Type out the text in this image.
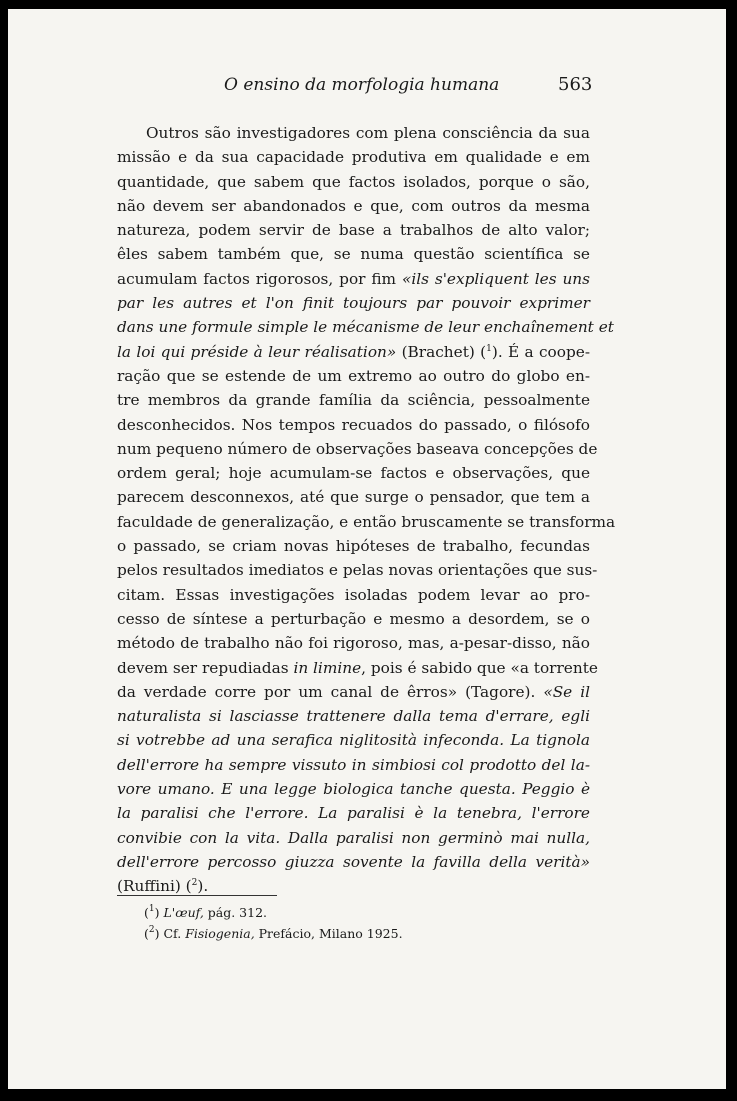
O ensino da morfologia humana	563
Outros são investigadores com plena consciência da sua
missão e da sua capacidade produtiva em qualidade e em
quantidade, que sabem que factos isolados, porque o são,
não devem ser abandonados e que, com outros da mesma
natureza, podem servir de base a trabalhos de alto valor;
êles sabem também que, se numa questão scientífica se
acumulam factos rigorosos, por fim «ils s'expliquent les uns
par les autres et l'on finit toujours par pouvoir exprimer
dans une formule simple le mécanisme de leur enchaînement et
la loi qui préside à leur réalisation» (Brachet) ($^1$). É a coope-
ração que se estende de um extremo ao outro do globo en-
tre membros da grande família da sciência, pessoalmente
desconhecidos. Nos tempos recuados do passado, o filósofo
num pequeno número de observações baseava concepções de
ordem geral; hoje acumulam-se factos e observações, que
parecem desconnexos, até que surge o pensador, que tem a
faculdade de generalização, e então bruscamente se transforma
o passado, se criam novas hipóteses de trabalho, fecundas
pelos resultados imediatos e pelas novas orientações que sus-
citam. Essas investigações isoladas podem levar ao pro-
cesso de síntese a perturbação e mesmo a desordem, se o
método de trabalho não foi rigoroso, mas, a-pesar-disso, não
devem ser repudiadas in limine, pois é sabido que «a torrente
da verdade corre por um canal de êrros» (Tagore). «Se il
naturalista si lasciasse trattenere dalla tema d'errare, egli
si votrebbe ad una serafica niglitosità infeconda. La tignola
dell'errore ha sempre vissuto in simbiosi col prodotto del la-
vore umano. E una legge biologica tanche questa. Peggio è
la paralisi che l'errore. La paralisi è la tenebra, l'errore
convibie con la vita. Dalla paralisi non germinò mai nulla,
dell'errore percosso giuzza sovente la favilla della verità»
(Ruffini) ($^2$).
($^1$) L'œuf, pág. 312.
($^2$) Cf. Fisiogenia, Prefácio, Milano 1925.
